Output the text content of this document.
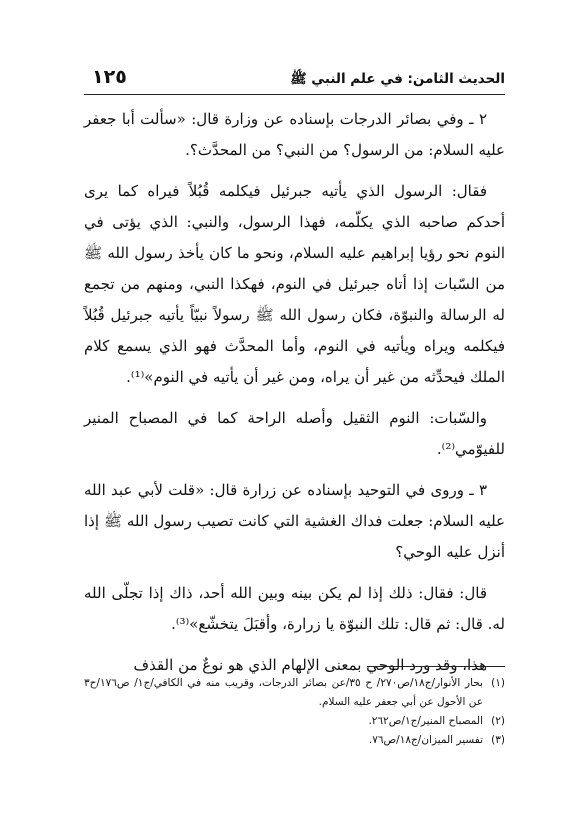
١٢٥	الحديث الثامن: في علم النبي ﷺ

٢ ـ وفي بصائر الدرجات بإسناده عن وزارة قال: «سألت أبا جعفر عليه السلام: من الرسول؟ من النبي؟ من المحدَّث؟.

فقال: الرسول الذي يأتيه جبرئيل فيكلمه قُبُلاً فيراه كما يرى أحدكم صاحبه الذي يكلّمه، فهذا الرسول، والنبي: الذي يؤتى في النوم نحو رؤيا إبراهيم عليه السلام، ونحو ما كان يأخذ رسول الله ﷺ من السّبات إذا أتاه جبرئيل في النوم، فهكذا النبي، ومنهم من تجمع له الرسالة والنبوّة، فكان رسول الله ﷺ رسولاً نبيّاً يأتيه جبرئيل قُبُلاً فيكلمه ويراه ويأتيه في النوم، وأما المحدَّث فهو الذي يسمع كلام الملك فيحدِّثه من غير أن يراه، ومن غير أن يأتيه في النوم»⁽¹⁾.

والسّبات: النوم الثقيل وأصله الراحة كما في المصباح المنير للفيوّمي⁽²⁾.

٣ ـ وروى في التوحيد بإسناده عن زرارة قال: «قلت لأبي عبد الله عليه السلام: جعلت فداك الغشية التي كانت تصيب رسول الله ﷺ إذا أنزل عليه الوحي؟

قال: فقال: ذلك إذا لم يكن بينه وبين الله أحد، ذاك إذا تجلّى الله له. قال: ثم قال: تلك النبوّة يا زرارة، وأقبَلَ يتخشّع»⁽³⁾.

هذا، وقد ورد الوحي بمعنى الإلهام الذي هو نوعٌ من القذف

(١)
بحار الأنوار/ج١٨/ص٢٧٠/ ح ٣٥/عن بصائر الدرجات، وقريب منه في الكافي/ج١/ ص١٧٦/ح٣ عن الأحول عن أبي جعفر عليه السلام.

(٢)
المصباح المنير/ج١/ص٢٦٢.

(٣)
تفسير الميزان/ج١٨/ص٧٦.
